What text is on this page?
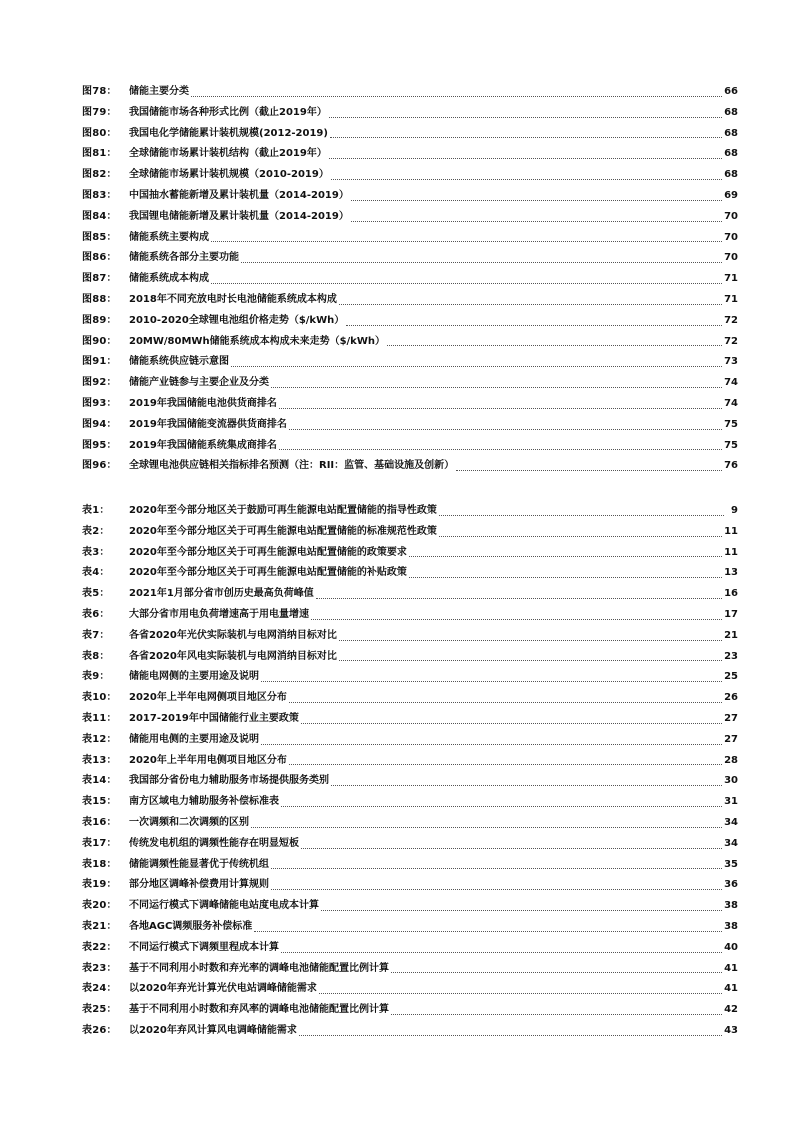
图78：	储能主要分类	66
图79：	我国储能市场各种形式比例（截止2019年）	68
图80：	我国电化学储能累计装机规模(2012-2019)	68
图81：	全球储能市场累计装机结构（截止2019年）	68
图82：	全球储能市场累计装机规模（2010-2019）	68
图83：	中国抽水蓄能新增及累计装机量（2014-2019）	69
图84：	我国锂电储能新增及累计装机量（2014-2019）	70
图85：	储能系统主要构成	70
图86：	储能系统各部分主要功能	70
图87：	储能系统成本构成	71
图88：	2018年不同充放电时长电池储能系统成本构成	71
图89：	2010-2020全球锂电池组价格走势（$/kWh）	72
图90：	20MW/80MWh储能系统成本构成未来走势（$/kWh）	72
图91：	储能系统供应链示意图	73
图92：	储能产业链参与主要企业及分类	74
图93：	2019年我国储能电池供货商排名	74
图94：	2019年我国储能变流器供货商排名	75
图95：	2019年我国储能系统集成商排名	75
图96：	全球锂电池供应链相关指标排名预测（注：RII：监管、基础设施及创新）	76
表1：	2020年至今部分地区关于鼓励可再生能源电站配置储能的指导性政策	9
表2：	2020年至今部分地区关于可再生能源电站配置储能的标准规范性政策	11
表3：	2020年至今部分地区关于可再生能源电站配置储能的政策要求	11
表4：	2020年至今部分地区关于可再生能源电站配置储能的补贴政策	13
表5：	2021年1月部分省市创历史最高负荷峰值	16
表6：	大部分省市用电负荷增速高于用电量增速	17
表7：	各省2020年光伏实际装机与电网消纳目标对比	21
表8：	各省2020年风电实际装机与电网消纳目标对比	23
表9：	储能电网侧的主要用途及说明	25
表10：	2020年上半年电网侧项目地区分布	26
表11：	2017-2019年中国储能行业主要政策	27
表12：	储能用电侧的主要用途及说明	27
表13：	2020年上半年用电侧项目地区分布	28
表14：	我国部分省份电力辅助服务市场提供服务类别	30
表15：	南方区域电力辅助服务补偿标准表	31
表16：	一次调频和二次调频的区别	34
表17：	传统发电机组的调频性能存在明显短板	34
表18：	储能调频性能显著优于传统机组	35
表19：	部分地区调峰补偿费用计算规则	36
表20：	不同运行模式下调峰储能电站度电成本计算	38
表21：	各地AGC调频服务补偿标准	38
表22：	不同运行模式下调频里程成本计算	40
表23：	基于不同利用小时数和弃光率的调峰电池储能配置比例计算	41
表24：	以2020年弃光计算光伏电站调峰储能需求	41
表25：	基于不同利用小时数和弃风率的调峰电池储能配置比例计算	42
表26：	以2020年弃风计算风电调峰储能需求	43
